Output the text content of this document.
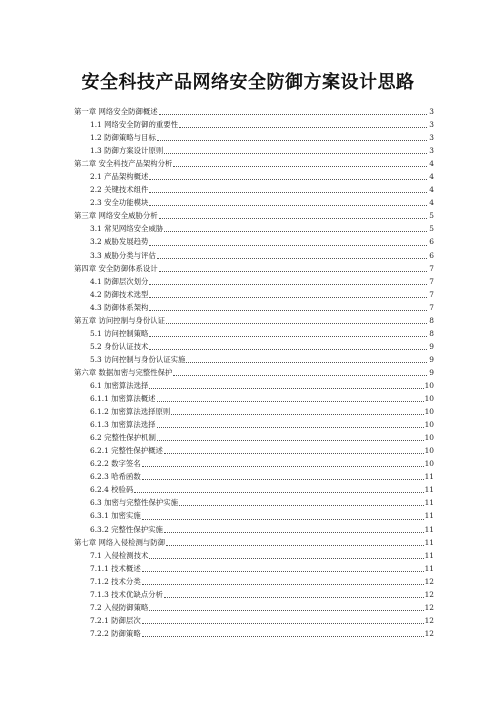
安全科技产品网络安全防御方案设计思路
第一章 网络安全防御概述	3
1.1 网络安全防御的重要性	3
1.2 防御策略与目标	3
1.3 防御方案设计原则	3
第二章 安全科技产品架构分析	4
2.1 产品架构概述	4
2.2 关键技术组件	4
2.3 安全功能模块	4
第三章 网络安全威胁分析	5
3.1 常见网络安全威胁	5
3.2 威胁发展趋势	6
3.3 威胁分类与评估	6
第四章 安全防御体系设计	7
4.1 防御层次划分	7
4.2 防御技术选型	7
4.3 防御体系架构	7
第五章 访问控制与身份认证	8
5.1 访问控制策略	8
5.2 身份认证技术	9
5.3 访问控制与身份认证实施	9
第六章 数据加密与完整性保护	9
6.1 加密算法选择	10
6.1.1 加密算法概述	10
6.1.2 加密算法选择原则	10
6.1.3 加密算法选择	10
6.2 完整性保护机制	10
6.2.1 完整性保护概述	10
6.2.2 数字签名	10
6.2.3 哈希函数	11
6.2.4 校验码	11
6.3 加密与完整性保护实施	11
6.3.1 加密实施	11
6.3.2 完整性保护实施	11
第七章 网络入侵检测与防御	11
7.1 入侵检测技术	11
7.1.1 技术概述	11
7.1.2 技术分类	12
7.1.3 技术优缺点分析	12
7.2 入侵防御策略	12
7.2.1 防御层次	12
7.2.2 防御策略	12
